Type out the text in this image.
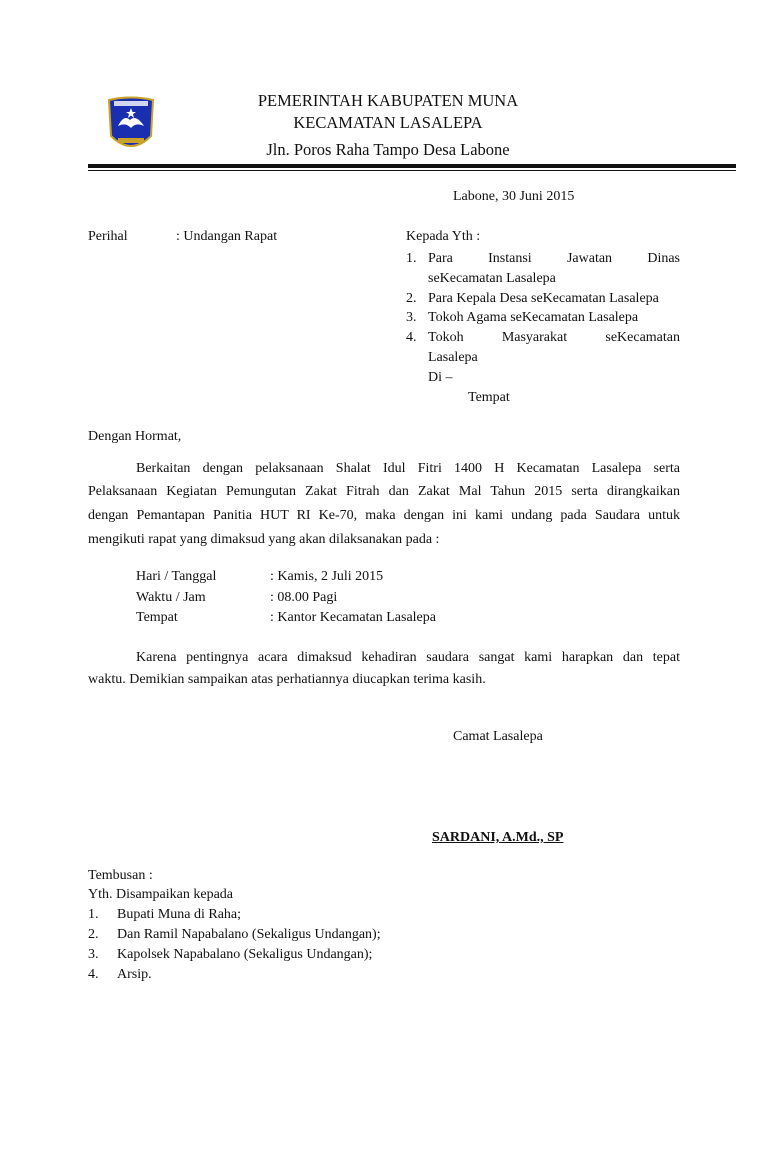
PEMERINTAH KABUPATEN MUNA
KECAMATAN LASALEPA
Jln. Poros Raha Tampo Desa Labone
Labone, 30 Juni 2015
Perihal	: Undangan Rapat	Kepada Yth :
1. Para Instansi Jawatan Dinas
seKecamatan Lasalepa
2. Para Kepala Desa seKecamatan Lasalepa
3. Tokoh Agama seKecamatan Lasalepa
4. Tokoh Masyarakat seKecamatan
Lasalepa
Di –
Tempat
Dengan Hormat,
Berkaitan dengan pelaksanaan Shalat Idul Fitri 1400 H Kecamatan Lasalepa serta
Pelaksanaan Kegiatan Pemungutan Zakat Fitrah dan Zakat Mal Tahun 2015 serta dirangkaikan
dengan Pemantapan Panitia HUT RI Ke-70, maka dengan ini kami undang pada Saudara untuk
mengikuti rapat yang dimaksud yang akan dilaksanakan pada :
Hari / Tanggal	: Kamis, 2 Juli 2015
Waktu / Jam	: 08.00 Pagi
Tempat	: Kantor Kecamatan Lasalepa
Karena pentingnya acara dimaksud kehadiran saudara sangat kami harapkan dan tepat
waktu. Demikian sampaikan atas perhatiannya diucapkan terima kasih.
Camat Lasalepa
SARDANI, A.Md., SP
Tembusan :
Yth. Disampaikan kepada
1. Bupati Muna di Raha;
2. Dan Ramil Napabalano (Sekaligus Undangan);
3. Kapolsek Napabalano (Sekaligus Undangan);
4. Arsip.
